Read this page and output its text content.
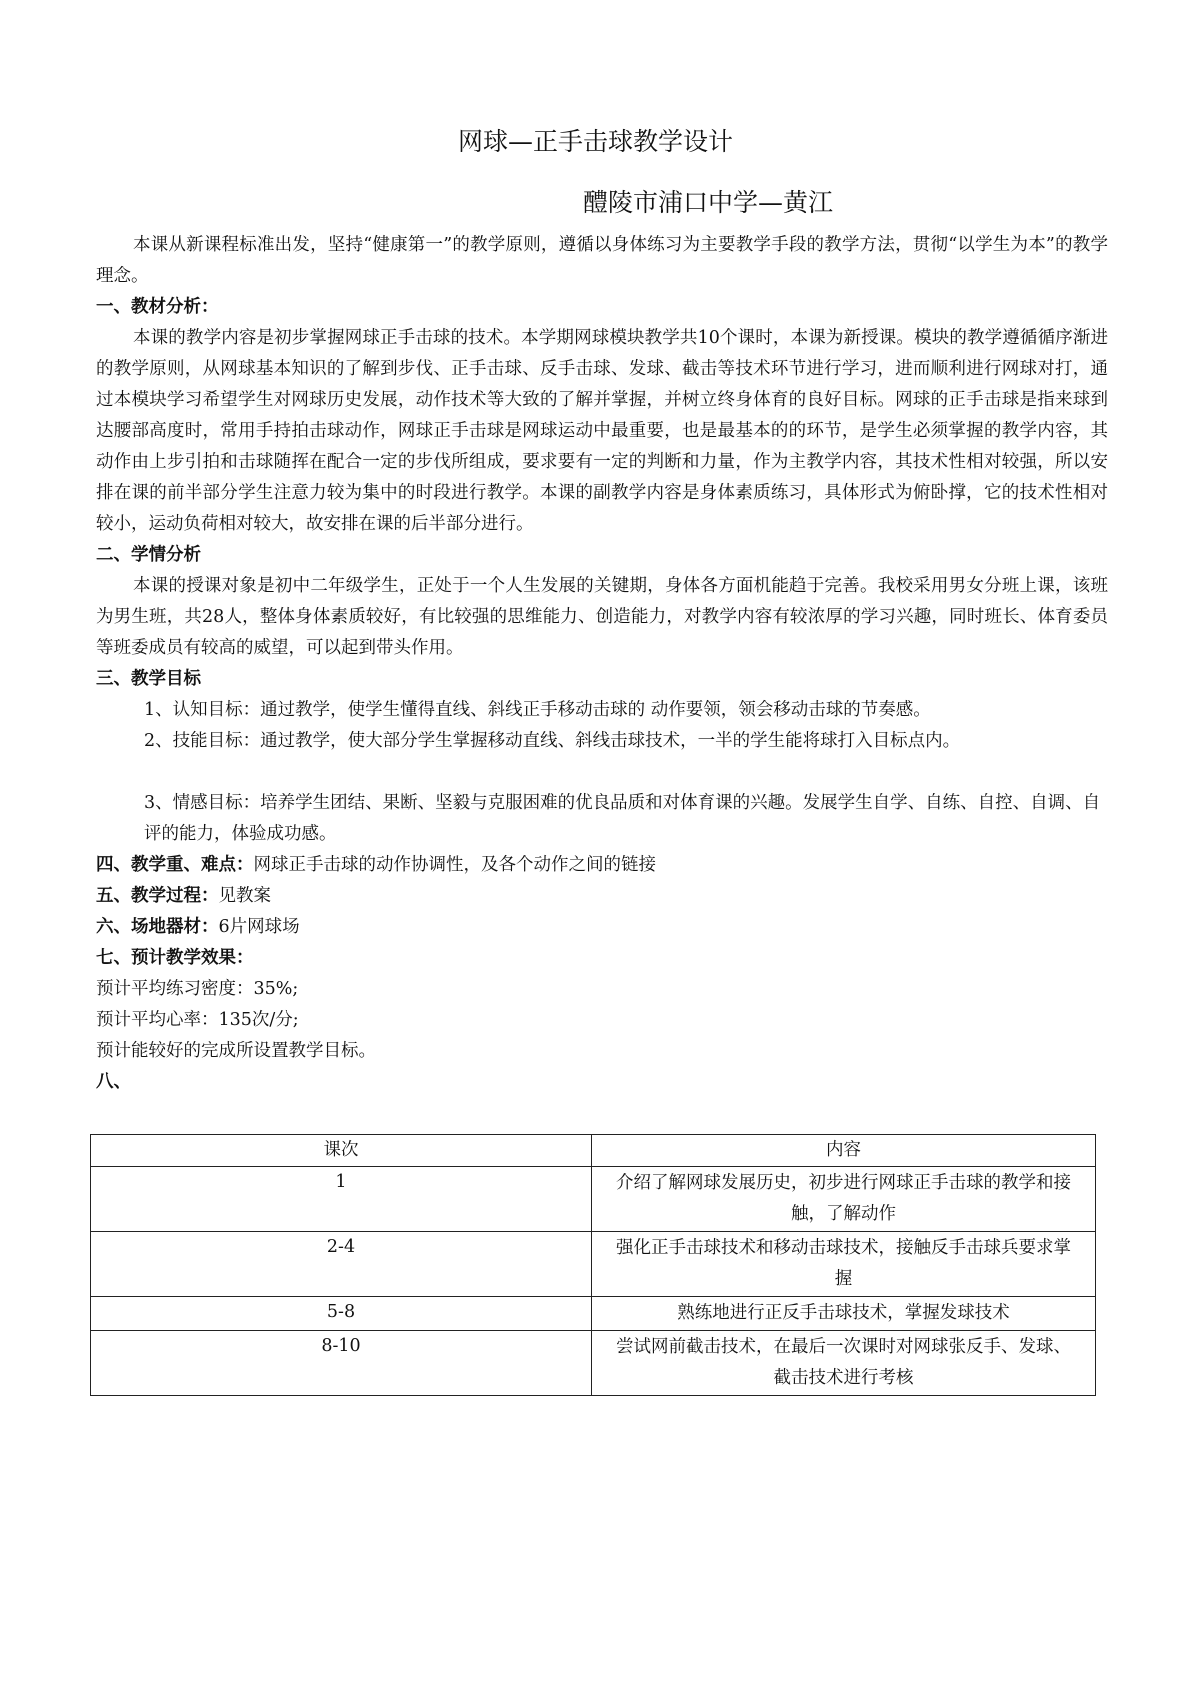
网球—正手击球教学设计
醴陵市浦口中学—黄江

本课从新课程标准出发，坚持“健康第一”的教学原则，遵循以身体练习为主要教学手段的教学方法，贯彻“以学生为本”的教学理念。

一、教材分析：

本课的教学内容是初步掌握网球正手击球的技术。本学期网球模块教学共10个课时，本课为新授课。模块的教学遵循循序渐进的教学原则，从网球基本知识的了解到步伐、正手击球、反手击球、发球、截击等技术环节进行学习，进而顺利进行网球对打，通过本模块学习希望学生对网球历史发展，动作技术等大致的了解并掌握，并树立终身体育的良好目标。网球的正手击球是指来球到达腰部高度时，常用手持拍击球动作，网球正手击球是网球运动中最重要，也是最基本的的环节，是学生必须掌握的教学内容，其动作由上步引拍和击球随挥在配合一定的步伐所组成，要求要有一定的判断和力量，作为主教学内容，其技术性相对较强，所以安排在课的前半部分学生注意力较为集中的时段进行教学。本课的副教学内容是身体素质练习，具体形式为俯卧撑，它的技术性相对较小，运动负荷相对较大，故安排在课的后半部分进行。

二、学情分析

本课的授课对象是初中二年级学生，正处于一个人生发展的关键期，身体各方面机能趋于完善。我校采用男女分班上课，该班为男生班，共28人，整体身体素质较好，有比较强的思维能力、创造能力，对教学内容有较浓厚的学习兴趣，同时班长、体育委员等班委成员有较高的威望，可以起到带头作用。

三、教学目标

1、认知目标：通过教学，使学生懂得直线、斜线正手移动击球的 动作要领，领会移动击球的节奏感。

2、技能目标：通过教学，使大部分学生掌握移动直线、斜线击球技术，一半的学生能将球打入目标点内。

3、情感目标：培养学生团结、果断、坚毅与克服困难的优良品质和对体育课的兴趣。发展学生自学、自练、自控、自调、自评的能力，体验成功感。

四、教学重、难点：网球正手击球的动作协调性，及各个动作之间的链接

五、教学过程：见教案

六、场地器材：6片网球场

七、预计教学效果：

预计平均练习密度：35%;

预计平均心率：135次/分;

预计能较好的完成所设置教学目标。

八、

课次	内容
1	介绍了解网球发展历史，初步进行网球正手击球的教学和接触，了解动作
2-4	强化正手击球技术和移动击球技术，接触反手击球兵要求掌握
5-8	熟练地进行正反手击球技术，掌握发球技术
8-10	尝试网前截击技术，在最后一次课时对网球张反手、发球、截击技术进行考核
